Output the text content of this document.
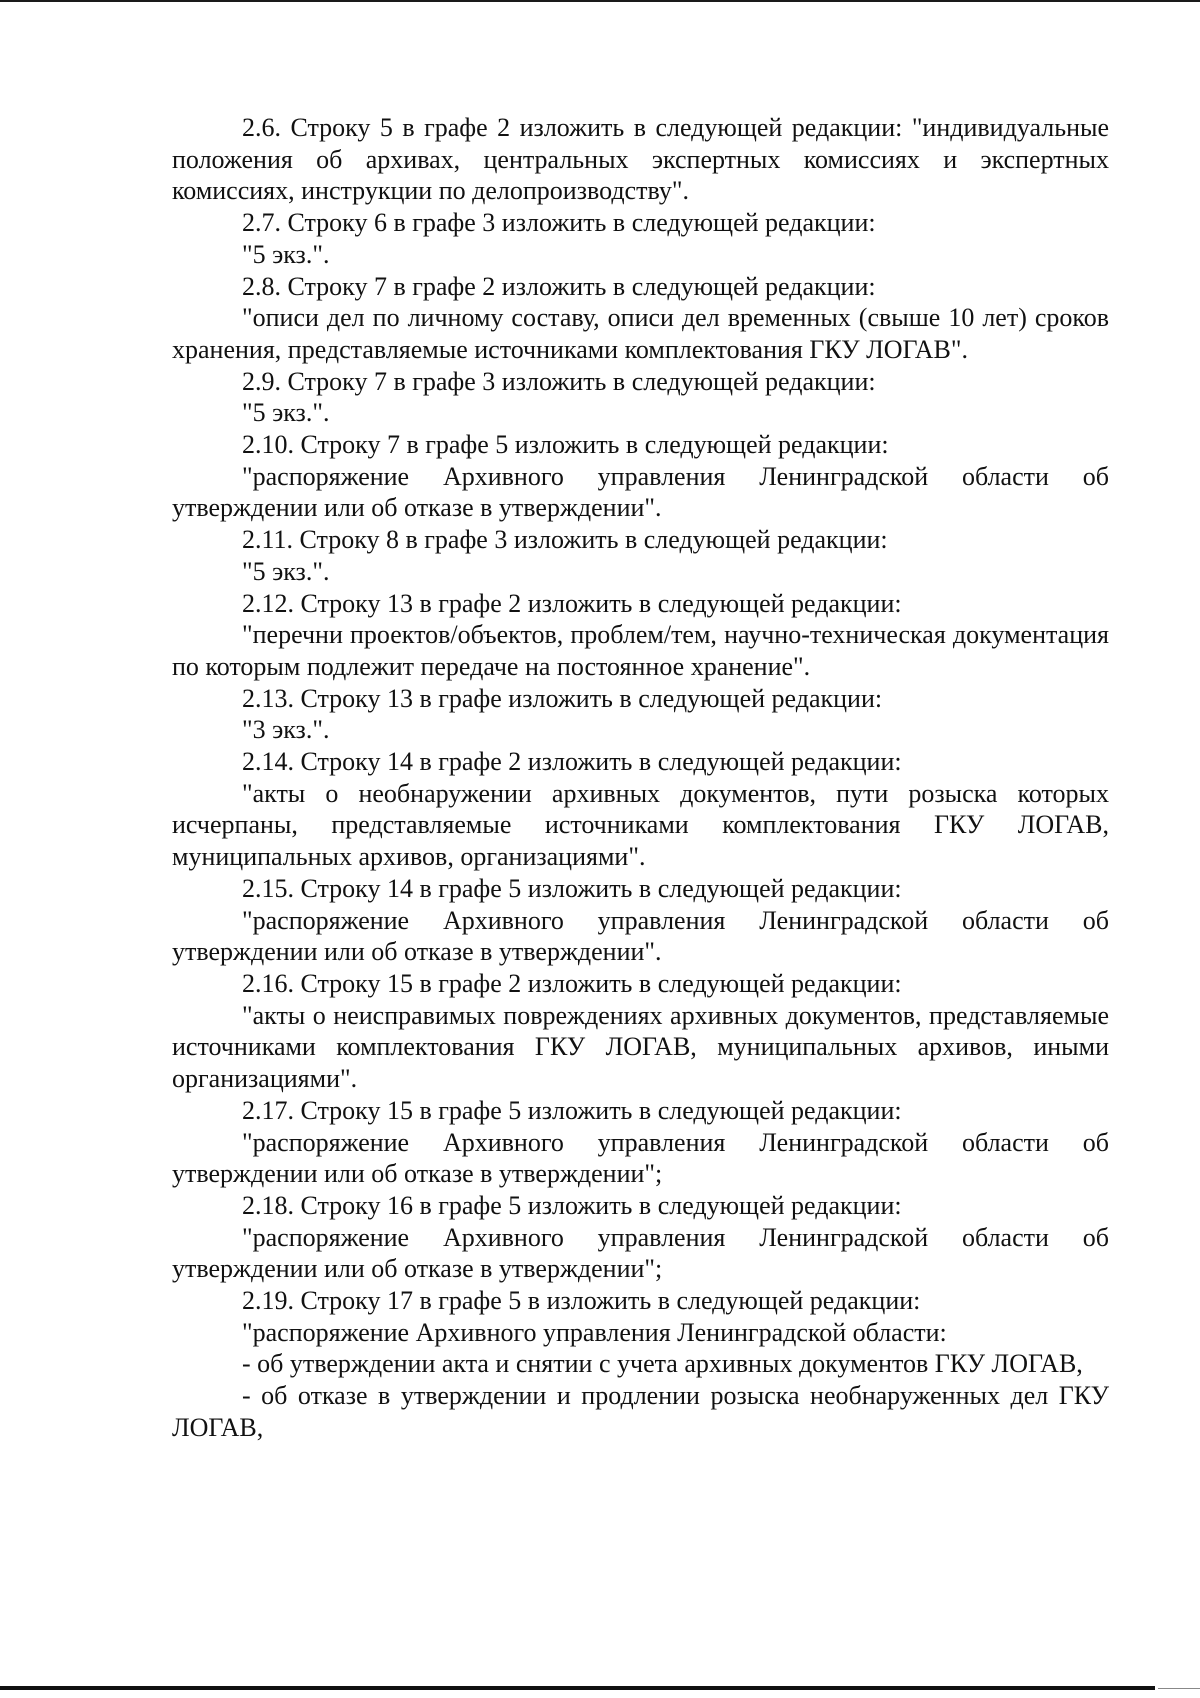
2.6. Строку 5 в графе 2 изложить в следующей редакции: "индивидуальные положения об архивах, центральных экспертных комиссиях и экспертных комиссиях, инструкции по делопроизводству".

2.7. Строку 6 в графе 3 изложить в следующей редакции:

"5 экз.".

2.8. Строку 7 в графе 2 изложить в следующей редакции:

"описи дел по личному составу, описи дел временных (свыше 10 лет) сроков хранения, представляемые источниками комплектования ГКУ ЛОГАВ".

2.9. Строку 7 в графе 3 изложить в следующей редакции:

"5 экз.".

2.10. Строку 7 в графе 5 изложить в следующей редакции:

"распоряжение Архивного управления Ленинградской области об утверждении или об отказе в утверждении".

2.11. Строку 8 в графе 3 изложить в следующей редакции:

"5 экз.".

2.12. Строку 13 в графе 2 изложить в следующей редакции:

"перечни проектов/объектов, проблем/тем, научно-техническая документация по которым подлежит передаче на постоянное хранение".

2.13. Строку 13 в графе изложить в следующей редакции:

"3 экз.".

2.14. Строку 14 в графе 2 изложить в следующей редакции:

"акты о необнаружении архивных документов, пути розыска которых исчерпаны, представляемые источниками комплектования ГКУ ЛОГАВ, муниципальных архивов, организациями".

2.15. Строку 14 в графе 5 изложить в следующей редакции:

"распоряжение Архивного управления Ленинградской области об утверждении или об отказе в утверждении".

2.16. Строку 15 в графе 2 изложить в следующей редакции:

"акты о неисправимых повреждениях архивных документов, представляемые источниками комплектования ГКУ ЛОГАВ, муниципальных архивов, иными организациями".

2.17. Строку 15 в графе 5 изложить в следующей редакции:

"распоряжение Архивного управления Ленинградской области об утверждении или об отказе в утверждении";

2.18. Строку 16 в графе 5 изложить в следующей редакции:

"распоряжение Архивного управления Ленинградской области об утверждении или об отказе в утверждении";

2.19. Строку 17 в графе 5 в изложить в следующей редакции:

"распоряжение Архивного управления Ленинградской области:

- об утверждении акта и снятии с учета архивных документов ГКУ ЛОГАВ,

- об отказе в утверждении и продлении розыска необнаруженных дел ГКУ ЛОГАВ,
